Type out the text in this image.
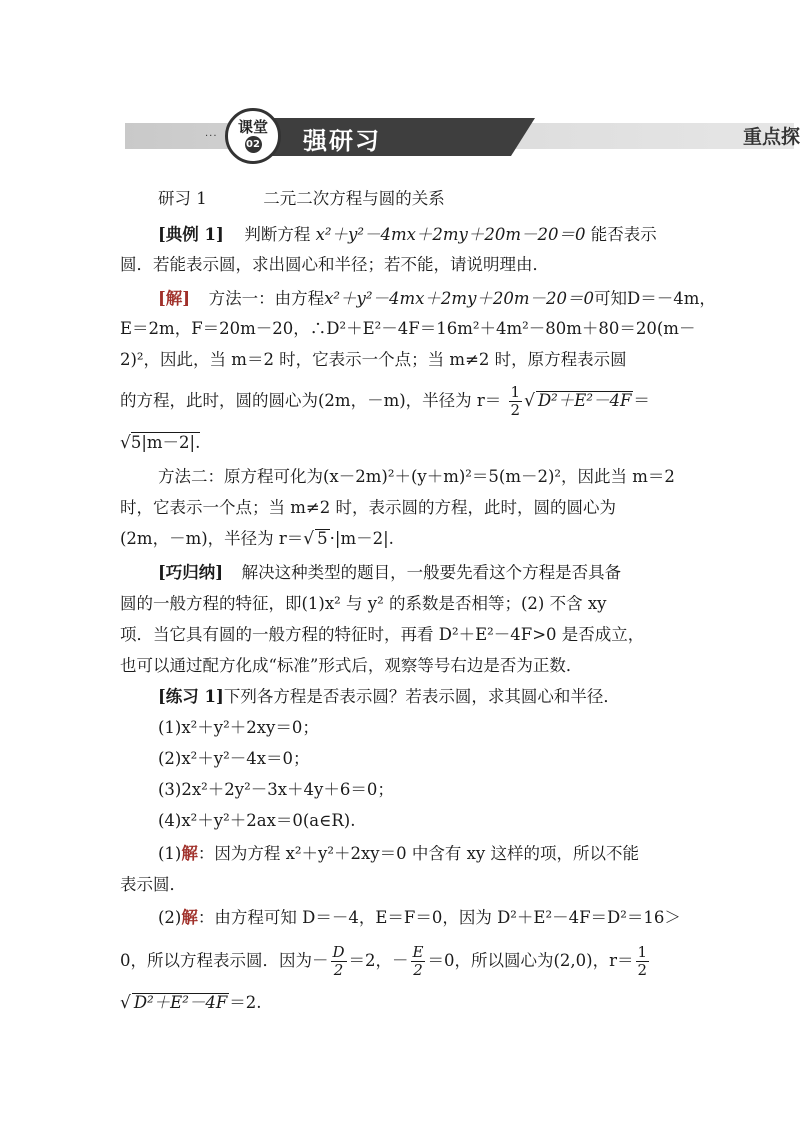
···
课堂
02 强研习	重点探
研习 1	二元二次方程与圆的关系
[典例 1] 判断方程 x²＋y²－4mx＋2my＋20m－20＝0 能否表示
圆．若能表示圆，求出圆心和半径；若不能，请说明理由．
[解] 方法一：由方程x²＋y²－4mx＋2my＋20m－20＝0可知D＝－4m，
E＝2m，F＝20m－20，∴D²＋E²－4F＝16m²＋4m²－80m＋80＝20(m－
2)²，因此，当 m＝2 时，它表示一个点；当 m≠2 时，原方程表示圆
的方程，此时，圆的圆心为(2m，－m)，半径为 $r= \frac{1}{2}$ √ D²＋E²－4F ＝
√5|m－2|.
方法二：原方程可化为(x－2m)²＋(y＋m)²＝5(m－2)²，因此当 m＝2
时，它表示一个点；当 m≠2 时，表示圆的方程，此时，圆的圆心为
(2m，－m)，半径为 r＝√ 5 ·|m－2|.
[巧归纳] 解决这种类型的题目，一般要先看这个方程是否具备
圆的一般方程的特征，即(1)x² 与 y² 的系数是否相等；(2) 不含 xy
项．当它具有圆的一般方程的特征时，再看 D²＋E²－4F>0 是否成立，
也可以通过配方化成“标准”形式后，观察等号右边是否为正数．
[练习 1]下列各方程是否表示圆？若表示圆，求其圆心和半径．
(1)x²＋y²＋2xy＝0；
(2)x²＋y²－4x＝0；
(3)2x²＋2y²－3x＋4y＋6＝0；
(4)x²＋y²＋2ax＝0(a∈R).
(1)解：因为方程 x²＋y²＋2xy＝0 中含有 xy 这样的项，所以不能
表示圆．
(2)解：由方程可知 D＝－4，E＝F＝0，因为 D²＋E²－4F＝D²＝16＞
0，所以方程表示圆．因为－ $\frac{D}{2} =2$，－ $\frac{E}{2} =0$，所以圆心为(2,0)，$r= \frac{1}{2}$
√ D²＋E²－4F ＝2.
